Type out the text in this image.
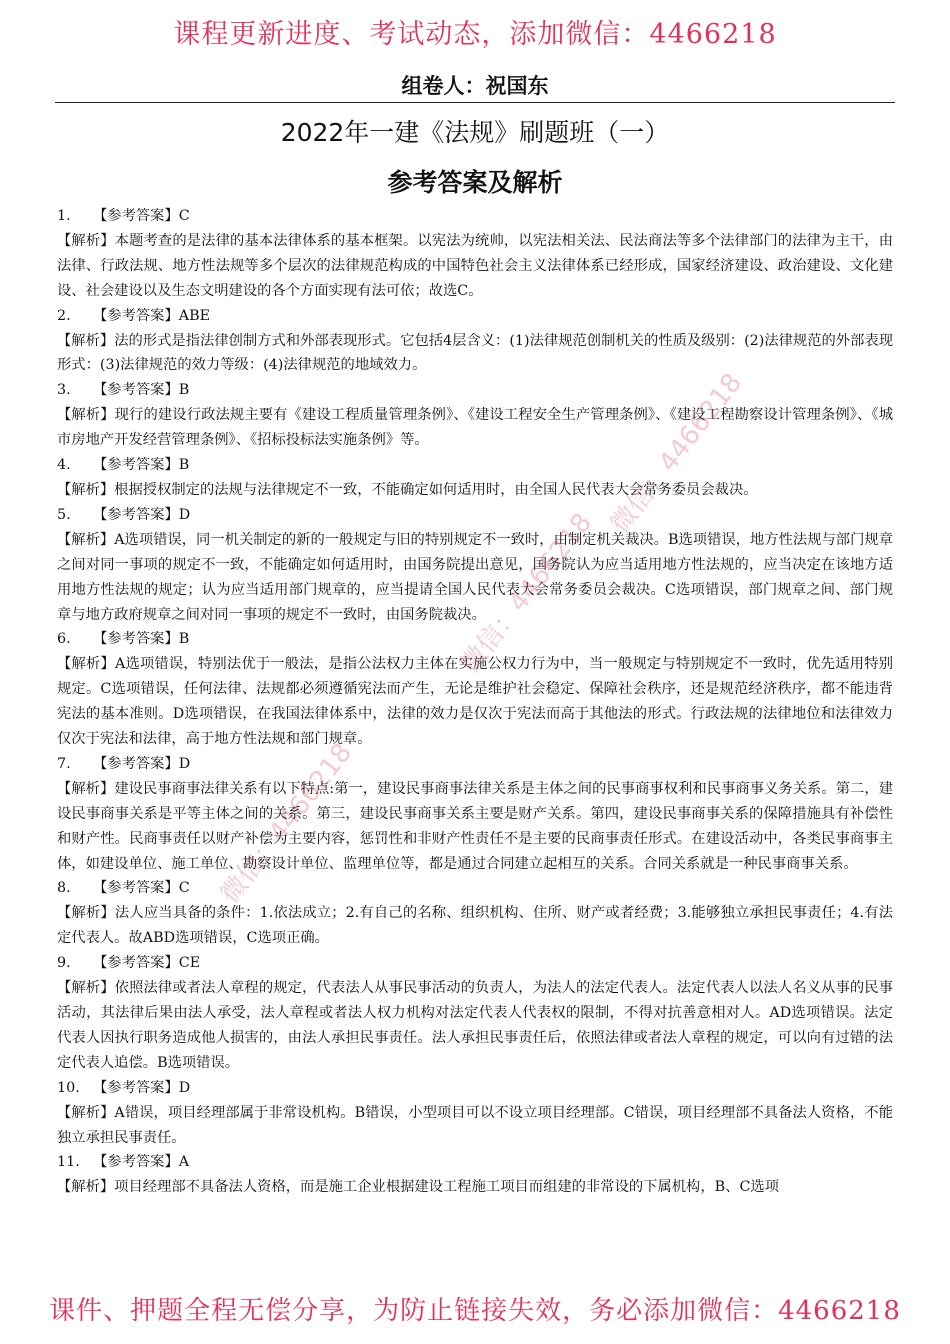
课程更新进度、考试动态，添加微信：4466218
组卷人：祝国东
2022年一建《法规》刷题班（一）
参考答案及解析
1. 【参考答案】C

【解析】本题考查的是法律的基本法律体系的基本框架。以宪法为统帅，以宪法相关法、民法商法等多个法律部门的法律为主干，由法律、行政法规、地方性法规等多个层次的法律规范构成的中国特色社会主义法律体系已经形成，国家经济建设、政治建设、文化建设、社会建设以及生态文明建设的各个方面实现有法可依；故选C。

2. 【参考答案】ABE

【解析】法的形式是指法律创制方式和外部表现形式。它包括4层含义：(1)法律规范创制机关的性质及级别：(2)法律规范的外部表现形式：(3)法律规范的效力等级：(4)法律规范的地域效力。

3. 【参考答案】B

【解析】现行的建设行政法规主要有《建设工程质量管理条例》、《建设工程安全生产管理条例》、《建设工程勘察设计管理条例》、《城市房地产开发经营管理条例》、《招标投标法实施条例》等。

4. 【参考答案】B

【解析】根据授权制定的法规与法律规定不一致，不能确定如何适用时，由全国人民代表大会常务委员会裁决。

5. 【参考答案】D

【解析】A选项错误，同一机关制定的新的一般规定与旧的特别规定不一致时，由制定机关裁决。B选项错误，地方性法规与部门规章之间对同一事项的规定不一致，不能确定如何适用时，由国务院提出意见，国务院认为应当适用地方性法规的，应当决定在该地方适用地方性法规的规定；认为应当适用部门规章的，应当提请全国人民代表大会常务委员会裁决。C选项错误，部门规章之间、部门规章与地方政府规章之间对同一事项的规定不一致时，由国务院裁决。

6. 【参考答案】B

【解析】A选项错误，特别法优于一般法，是指公法权力主体在实施公权力行为中，当一般规定与特别规定不一致时，优先适用特别规定。C选项错误，任何法律、法规都必须遵循宪法而产生，无论是维护社会稳定、保障社会秩序，还是规范经济秩序，都不能违背宪法的基本准则。D选项错误，在我国法律体系中，法律的效力是仅次于宪法而高于其他法的形式。行政法规的法律地位和法律效力仅次于宪法和法律，高于地方性法规和部门规章。

7. 【参考答案】D

【解析】建设民事商事法律关系有以下特点:第一，建设民事商事法律关系是主体之间的民事商事权利和民事商事义务关系。第二，建设民事商事关系是平等主体之间的关系。第三，建设民事商事关系主要是财产关系。第四，建设民事商事关系的保障措施具有补偿性和财产性。民商事责任以财产补偿为主要内容，惩罚性和非财产性责任不是主要的民商事责任形式。在建设活动中，各类民事商事主体，如建设单位、施工单位、勘察设计单位、监理单位等，都是通过合同建立起相互的关系。合同关系就是一种民事商事关系。

8. 【参考答案】C

【解析】法人应当具备的条件：1.依法成立；2.有自己的名称、组织机构、住所、财产或者经费；3.能够独立承担民事责任；4.有法定代表人。故ABD选项错误，C选项正确。

9. 【参考答案】CE

【解析】依照法律或者法人章程的规定，代表法人从事民事活动的负责人，为法人的法定代表人。法定代表人以法人名义从事的民事活动，其法律后果由法人承受，法人章程或者法人权力机构对法定代表人代表权的限制，不得对抗善意相对人。AD选项错误。法定代表人因执行职务造成他人损害的，由法人承担民事责任。法人承担民事责任后，依照法律或者法人章程的规定，可以向有过错的法定代表人追偿。B选项错误。

10. 【参考答案】D

【解析】A错误，项目经理部属于非常设机构。B错误，小型项目可以不设立项目经理部。C错误，项目经理部不具备法人资格，不能独立承担民事责任。

11. 【参考答案】A

【解析】项目经理部不具备法人资格，而是施工企业根据建设工程施工项目而组建的非常设的下属机构，B、C选项

微信：4466218
微信：4466218
微信：4466218
课件、押题全程无偿分享，为防止链接失效，务必添加微信：4466218
